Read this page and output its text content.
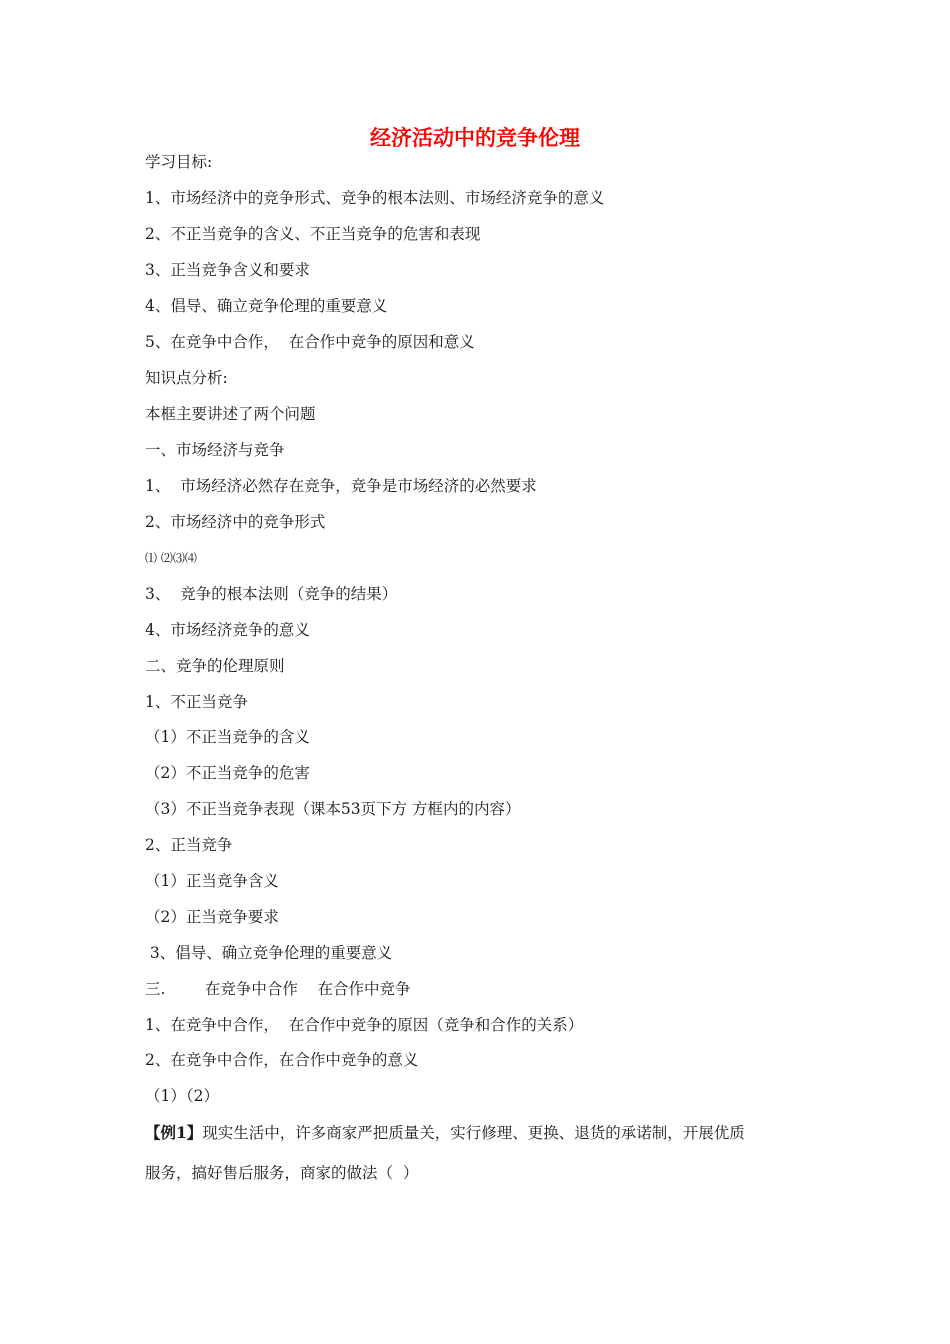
经济活动中的竞争伦理
学习目标:
1、市场经济中的竞争形式、竞争的根本法则、市场经济竞争的意义
2、不正当竞争的含义、不正当竞争的危害和表现
3、正当竞争含义和要求
4、倡导、确立竞争伦理的重要意义
5、在竞争中合作，  在合作中竞争的原因和意义
知识点分析:
本框主要讲述了两个问题
一、市场经济与竞争
1、  市场经济必然存在竞争，竞争是市场经济的必然要求
2、市场经济中的竞争形式
⑴ ⑵⑶⑷
3、  竞争的根本法则（竞争的结果）
4、市场经济竞争的意义
二、竞争的伦理原则
1、不正当竞争
（1）不正当竞争的含义
（2）不正当竞争的危害
（3）不正当竞争表现（课本53页下方 方框内的内容）
2、正当竞争
（1）正当竞争含义
（2）正当竞争要求
3、倡导、确立竞争伦理的重要意义
三.        在竞争中合作    在合作中竞争
1、在竞争中合作，  在合作中竞争的原因（竞争和合作的关系）
2、在竞争中合作，在合作中竞争的意义
（1）（2）
【例1】现实生活中，许多商家严把质量关，实行修理、更换、退货的承诺制，开展优质
服务，搞好售后服务，商家的做法（  ）
